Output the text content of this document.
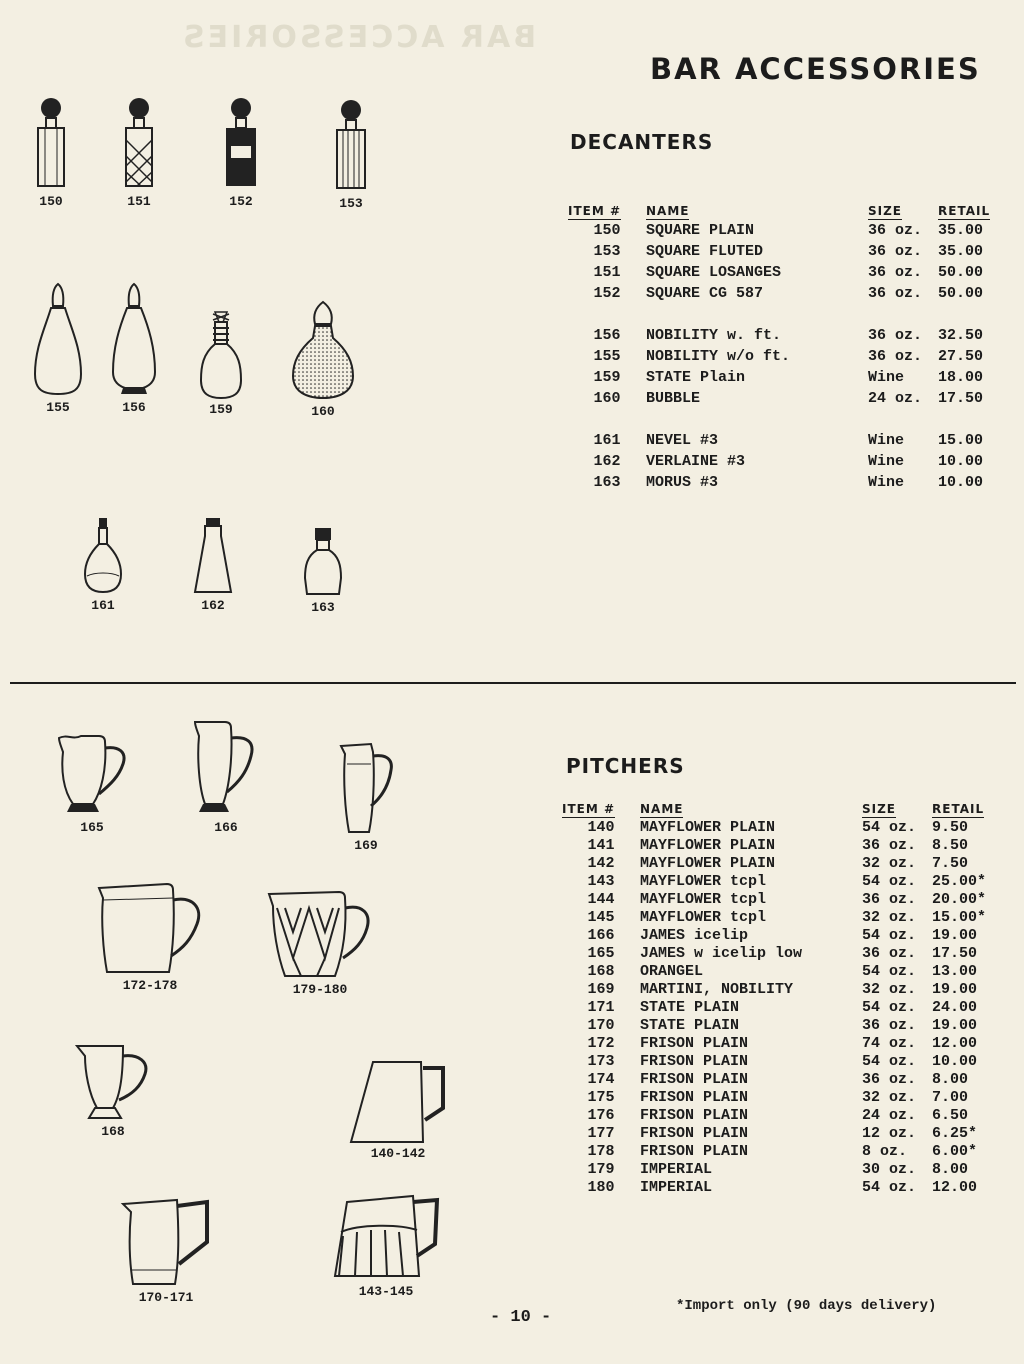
BAR ACCESSORIES
BAR ACCESSORIES
DECANTERS
ITEM #	NAME	SIZE	RETAIL
150	SQUARE PLAIN	36 oz.	35.00
153	SQUARE FLUTED	36 oz.	35.00
151	SQUARE LOSANGES	36 oz.	50.00
152	SQUARE CG 587	36 oz.	50.00

156	NOBILITY w. ft.	36 oz.	32.50
155	NOBILITY w/o ft.	36 oz.	27.50
159	STATE Plain	Wine	18.00
160	BUBBLE	24 oz.	17.50

161	NEVEL #3	Wine	15.00
162	VERLAINE #3	Wine	10.00
163	MORUS #3	Wine	10.00
150	151	152	153
155	156	159	160
161	162	163
PITCHERS
ITEM #	NAME	SIZE	RETAIL
140	MAYFLOWER PLAIN	54 oz.	9.50
141	MAYFLOWER PLAIN	36 oz.	8.50
142	MAYFLOWER PLAIN	32 oz.	7.50
143	MAYFLOWER tcpl	54 oz.	25.00*
144	MAYFLOWER tcpl	36 oz.	20.00*
145	MAYFLOWER tcpl	32 oz.	15.00*
166	JAMES icelip	54 oz.	19.00
165	JAMES w icelip low	36 oz.	17.50
168	ORANGEL	54 oz.	13.00
169	MARTINI, NOBILITY	32 oz.	19.00
171	STATE PLAIN	54 oz.	24.00
170	STATE PLAIN	36 oz.	19.00
172	FRISON PLAIN	74 oz.	12.00
173	FRISON PLAIN	54 oz.	10.00
174	FRISON PLAIN	36 oz.	8.00
175	FRISON PLAIN	32 oz.	7.00
176	FRISON PLAIN	24 oz.	6.50
177	FRISON PLAIN	12 oz.	6.25*
178	FRISON PLAIN	8 oz.	6.00*
179	IMPERIAL	30 oz.	8.00
180	IMPERIAL	54 oz.	12.00
165	166
169
172-178	179-180
168
140-142
170-171	143-145
- 10 -
*Import only (90 days delivery)
